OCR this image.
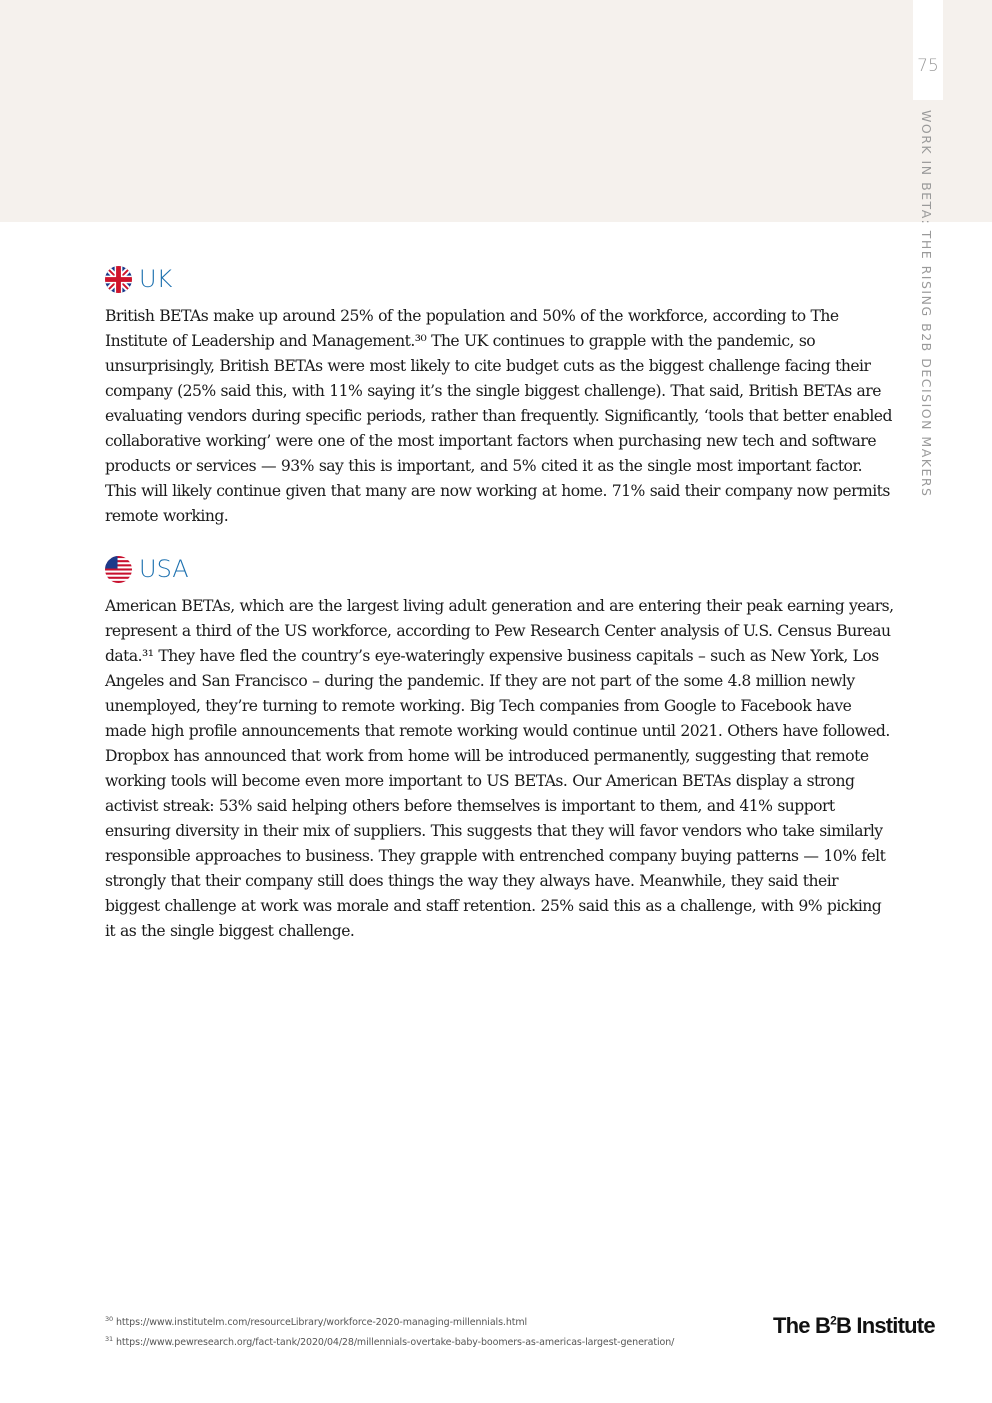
75
WORK IN BETA: THE RISING B2B DECISION MAKERS
UK

British BETAs make up around 25% of the population and 50% of the workforce, according to The Institute of Leadership and Management.³⁰ The UK continues to grapple with the pandemic, so unsurprisingly, British BETAs were most likely to cite budget cuts as the biggest challenge facing their company (25% said this, with 11% saying it’s the single biggest challenge). That said, British BETAs are evaluating vendors during specific periods, rather than frequently. Significantly, ‘tools that better enabled collaborative working’ were one of the most important factors when purchasing new tech and software products or services — 93% say this is important, and 5% cited it as the single most important factor. This will likely continue given that many are now working at home. 71% said their company now permits remote working.

USA

American BETAs, which are the largest living adult generation and are entering their peak earning years, represent a third of the US workforce, according to Pew Research Center analysis of U.S. Census Bureau data.³¹ They have fled the country’s eye-wateringly expensive business capitals – such as New York, Los Angeles and San Francisco – during the pandemic. If they are not part of the some 4.8 million newly unemployed, they’re turning to remote working. Big Tech companies from Google to Facebook have made high profile announcements that remote working would continue until 2021. Others have followed. Dropbox has announced that work from home will be introduced permanently, suggesting that remote working tools will become even more important to US BETAs. Our American BETAs display a strong activist streak: 53% said helping others before themselves is important to them, and 41% support ensuring diversity in their mix of suppliers. This suggests that they will favor vendors who take similarly responsible approaches to business. They grapple with entrenched company buying patterns — 10% felt strongly that their company still does things the way they always have. Meanwhile, they said their biggest challenge at work was morale and staff retention. 25% said this as a challenge, with 9% picking it as the single biggest challenge.

$^{30}$ https://www.institutelm.com/resourceLibrary/workforce-2020-managing-millennials.html
$^{31}$ https://www.pewresearch.org/fact-tank/2020/04/28/millennials-overtake-baby-boomers-as-americas-largest-generation/
The $B^2B$ Institute
